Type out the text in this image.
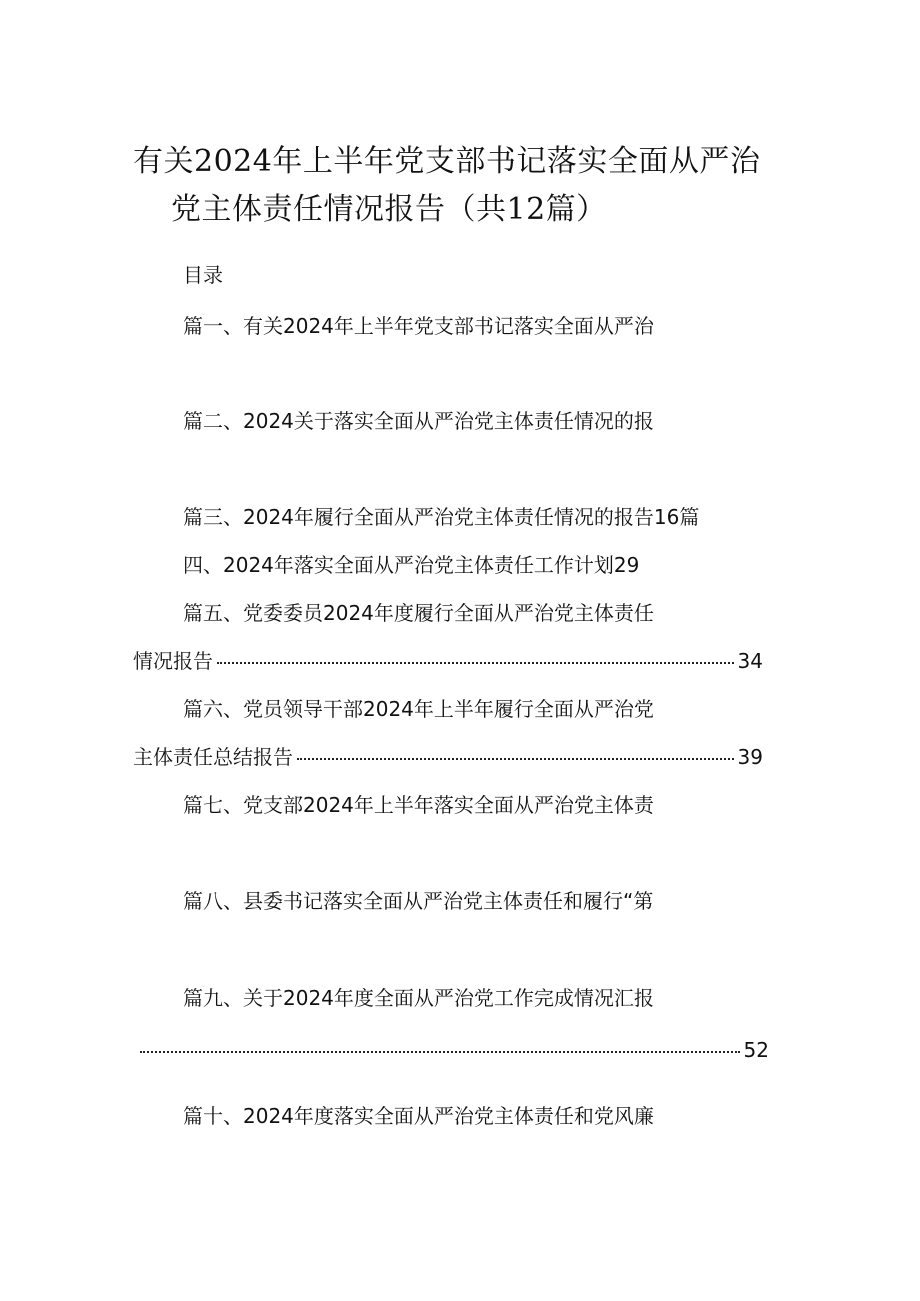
有关2024年上半年党支部书记落实全面从严治
党主体责任情况报告（共12篇）
目录
篇一、有关2024年上半年党支部书记落实全面从严治
篇二、2024关于落实全面从严治党主体责任情况的报
篇三、2024年履行全面从严治党主体责任情况的报告16篇
四、2024年落实全面从严治党主体责任工作计划29
篇五、党委委员2024年度履行全面从严治党主体责任
情况报告	34
篇六、党员领导干部2024年上半年履行全面从严治党
主体责任总结报告	39
篇七、党支部2024年上半年落实全面从严治党主体责
篇八、县委书记落实全面从严治党主体责任和履行“第
篇九、关于2024年度全面从严治党工作完成情况汇报
52
篇十、2024年度落实全面从严治党主体责任和党风廉
